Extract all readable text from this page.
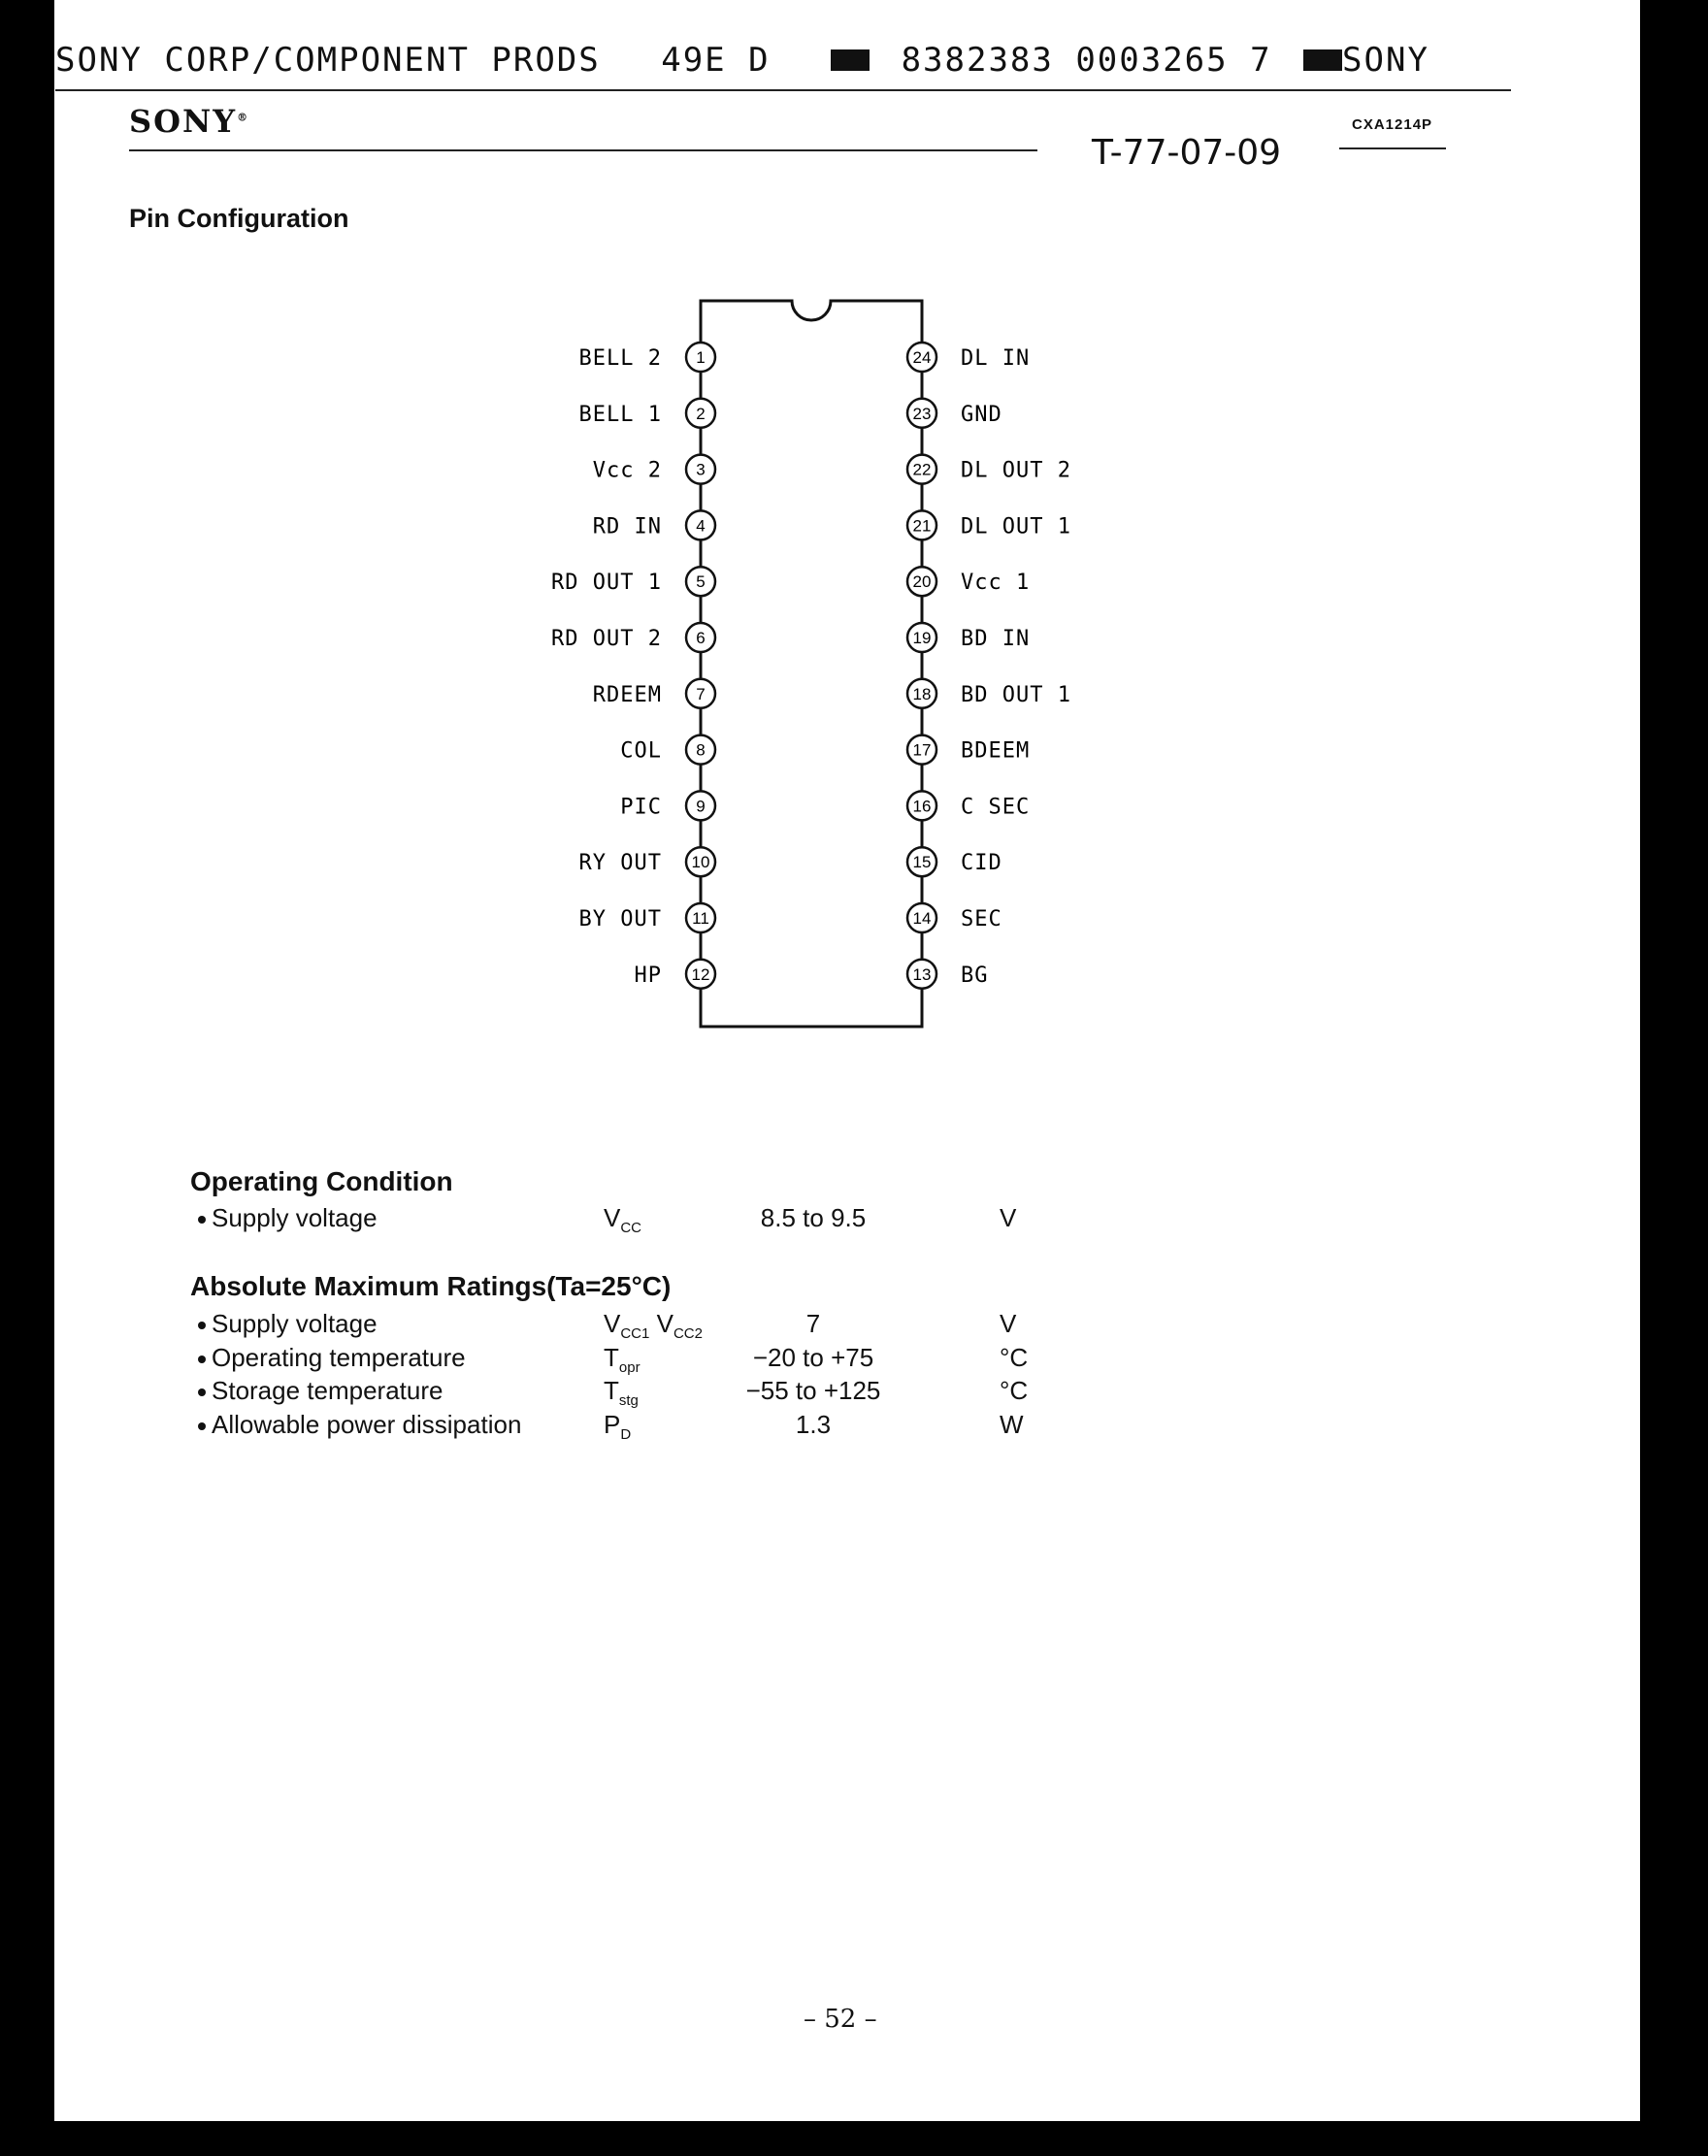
SONY CORP/COMPONENT PRODS 49E D	8382383 0003265 7 SONY
SONY®	CXA1214P
T-77-07-09
Pin Configuration
1
BELL 2
2
BELL 1
3
Vcc 2
4
RD IN
5
RD OUT 1
6
RD OUT 2
7
RDEEM
8
COL
9
PIC
10
RY OUT
11
BY OUT
12
HP
24 DL IN
23 GND
22 DL OUT 2
21 DL OUT 1
20 Vcc 1
19 BD IN
18 BD OUT 1
17 BDEEM
16 C SEC
15 CID
14 SEC
13 BG
Operating Condition
Supply voltage	$V_{CC}$	8.5 to 9.5	V
Absolute Maximum Ratings(Ta=25°C)
Supply voltage	$V_{CC1}$ $V_{CC2}$	7	V
Operating temperature	$T_{opr}$	−20 to +75	°C
Storage temperature	$T_{stg}$	−55 to +125	°C
Allowable power dissipation	$P_D$	1.3	W
– 52 –
